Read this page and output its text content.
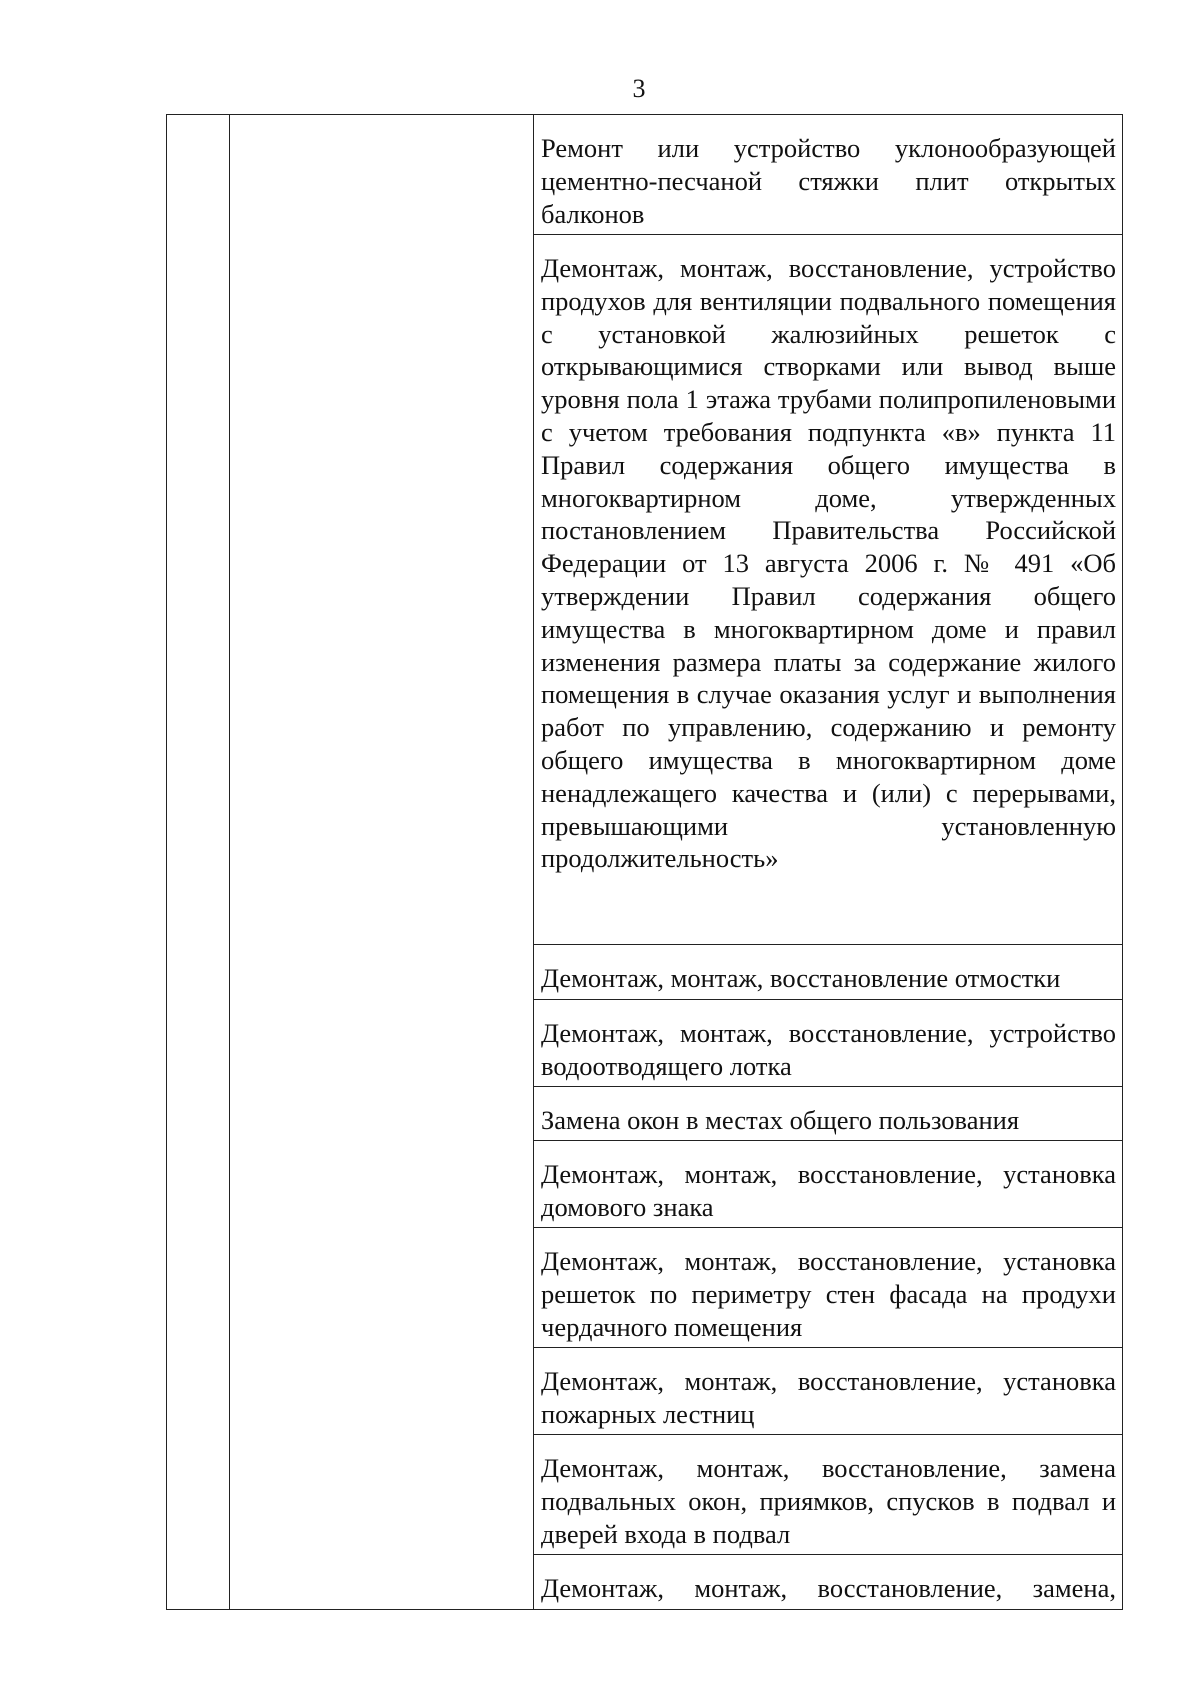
3
Ремонт или устройство уклонообразующей цементно-песчаной стяжки плит открытых балконов
Демонтаж, монтаж, восстановление, устройство продухов для вентиляции подвального помещения с установкой жалюзийных решеток с открывающимися створками или вывод выше уровня пола 1 этажа трубами полипропиленовыми с учетом требования подпункта «в» пункта 11 Правил содержания общего имущества в многоквартирном доме, утвержденных постановлением Правительства Российской Федерации от 13 августа 2006 г. № 491 «Об утверждении Правил содержания общего имущества в многоквартирном доме и правил изменения размера платы за содержание жилого помещения в случае оказания услуг и выполнения работ по управлению, содержанию и ремонту общего имущества в многоквартирном доме ненадлежащего качества и (или) с перерывами, превышающими установленную продолжительность»
Демонтаж, монтаж, восстановление отмостки
Демонтаж, монтаж, восстановление, устройство водоотводящего лотка
Замена окон в местах общего пользования
Демонтаж, монтаж, восстановление, установка домового знака
Демонтаж, монтаж, восстановление, установка решеток по периметру стен фасада на продухи чердачного помещения
Демонтаж, монтаж, восстановление, установка пожарных лестниц
Демонтаж, монтаж, восстановление, замена подвальных окон, приямков, спусков в подвал и дверей входа в подвал
Демонтаж, монтаж, восстановление, замена,
